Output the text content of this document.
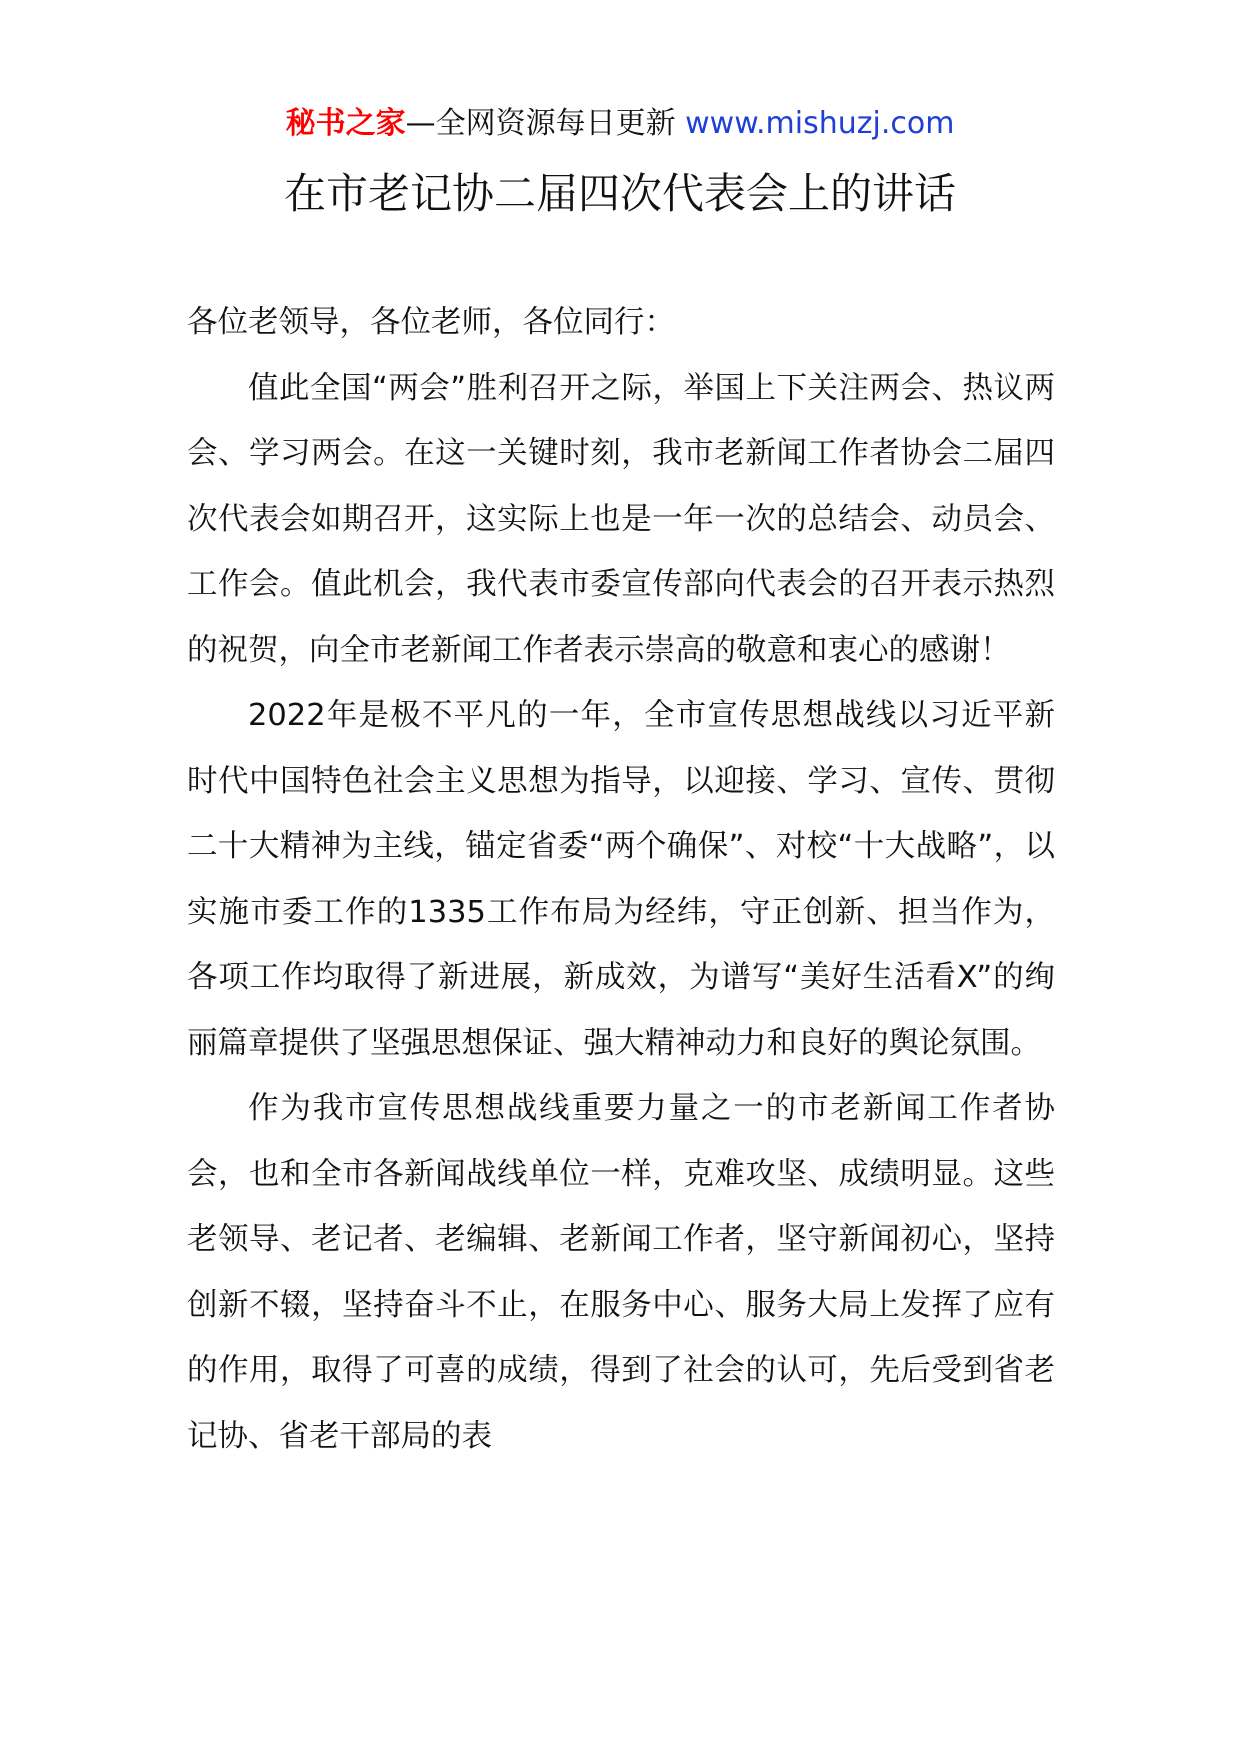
秘书之家—全网资源每日更新 www.mishuzj.com
在市老记协二届四次代表会上的讲话

各位老领导，各位老师，各位同行：

值此全国“两会”胜利召开之际，举国上下关注两会、热议两会、学习两会。在这一关键时刻，我市老新闻工作者协会二届四次代表会如期召开，这实际上也是一年一次的总结会、动员会、工作会。值此机会，我代表市委宣传部向代表会的召开表示热烈的祝贺，向全市老新闻工作者表示崇高的敬意和衷心的感谢！

2022年是极不平凡的一年，全市宣传思想战线以习近平新时代中国特色社会主义思想为指导，以迎接、学习、宣传、贯彻二十大精神为主线，锚定省委“两个确保”、对校“十大战略”，以实施市委工作的1335工作布局为经纬，守正创新、担当作为，各项工作均取得了新进展，新成效，为谱写“美好生活看X”的绚丽篇章提供了坚强思想保证、强大精神动力和良好的舆论氛围。

作为我市宣传思想战线重要力量之一的市老新闻工作者协会，也和全市各新闻战线单位一样，克难攻坚、成绩明显。这些老领导、老记者、老编辑、老新闻工作者，坚守新闻初心，坚持创新不辍，坚持奋斗不止，在服务中心、服务大局上发挥了应有的作用，取得了可喜的成绩，得到了社会的认可，先后受到省老记协、省老干部局的表
